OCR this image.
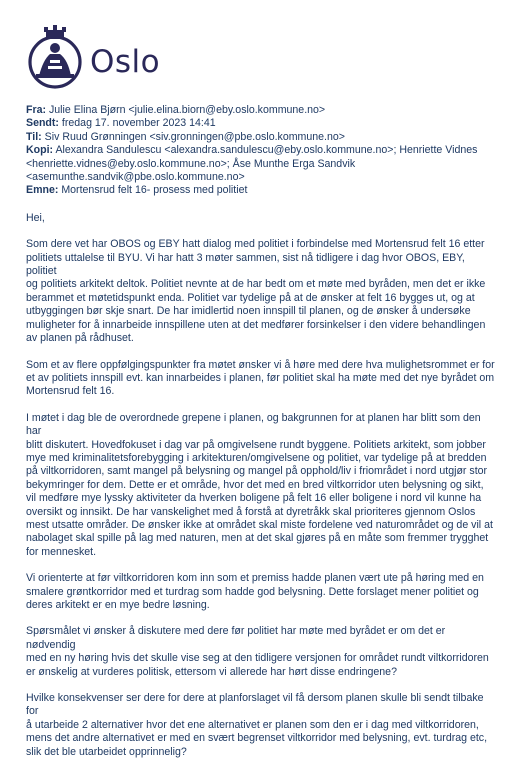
Oslo
Fra: Julie Elina Bjørn <julie.elina.biorn@eby.oslo.kommune.no>
Sendt: fredag 17. november 2023 14:41
Til: Siv Ruud Grønningen <siv.gronningen@pbe.oslo.kommune.no>
Kopi: Alexandra Sandulescu <alexandra.sandulescu@eby.oslo.kommune.no>; Henriette Vidnes
<henriette.vidnes@eby.oslo.kommune.no>; Åse Munthe Erga Sandvik
<asemunthe.sandvik@pbe.oslo.kommune.no>
Emne: Mortensrud felt 16- prosess med politiet

Hei,

Som dere vet har OBOS og EBY hatt dialog med politiet i forbindelse med Mortensrud felt 16 etter
politiets uttalelse til BYU. Vi har hatt 3 møter sammen, sist nå tidligere i dag hvor OBOS, EBY, politiet
og politiets arkitekt deltok. Politiet nevnte at de har bedt om et møte med byråden, men det er ikke
berammet et møtetidspunkt enda. Politiet var tydelige på at de ønsker at felt 16 bygges ut, og at
utbyggingen bør skje snart. De har imidlertid noen innspill til planen, og de ønsker å undersøke
muligheter for å innarbeide innspillene uten at det medfører forsinkelser i den videre behandlingen
av planen på rådhuset.

Som et av flere oppfølgingspunkter fra møtet ønsker vi å høre med dere hva mulighetsrommet er for
et av politiets innspill evt. kan innarbeides i planen, før politiet skal ha møte med det nye byrådet om
Mortensrud felt 16.

I møtet i dag ble de overordnede grepene i planen, og bakgrunnen for at planen har blitt som den har
blitt diskutert. Hovedfokuset i dag var på omgivelsene rundt byggene. Politiets arkitekt, som jobber
mye med kriminalitetsforebygging i arkitekturen/omgivelsene og politiet, var tydelige på at bredden
på viltkorridoren, samt mangel på belysning og mangel på opphold/liv i friområdet i nord utgjør stor
bekymringer for dem. Dette er et område, hvor det med en bred viltkorridor uten belysning og sikt,
vil medføre mye lyssky aktiviteter da hverken boligene på felt 16 eller boligene i nord vil kunne ha
oversikt og innsikt. De har vanskelighet med å forstå at dyretråkk skal prioriteres gjennom Oslos
mest utsatte områder. De ønsker ikke at området skal miste fordelene ved naturområdet og de vil at
nabolaget skal spille på lag med naturen, men at det skal gjøres på en måte som fremmer trygghet
for mennesket.

Vi orienterte at før viltkorridoren kom inn som et premiss hadde planen vært ute på høring med en
smalere grøntkorridor med et turdrag som hadde god belysning. Dette forslaget mener politiet og
deres arkitekt er en mye bedre løsning.

Spørsmålet vi ønsker å diskutere med dere før politiet har møte med byrådet er om det er nødvendig
med en ny høring hvis det skulle vise seg at den tidligere versjonen for området rundt viltkorridoren
er ønskelig at vurderes politisk, ettersom vi allerede har hørt disse endringene?

Hvilke konsekvenser ser dere for dere at planforslaget vil få dersom planen skulle bli sendt tilbake for
å utarbeide 2 alternativer hvor det ene alternativet er planen som den er i dag med viltkorridoren,
mens det andre alternativet er med en svært begrenset viltkorridor med belysning, evt. turdrag etc,
slik det ble utarbeidet opprinnelig?
